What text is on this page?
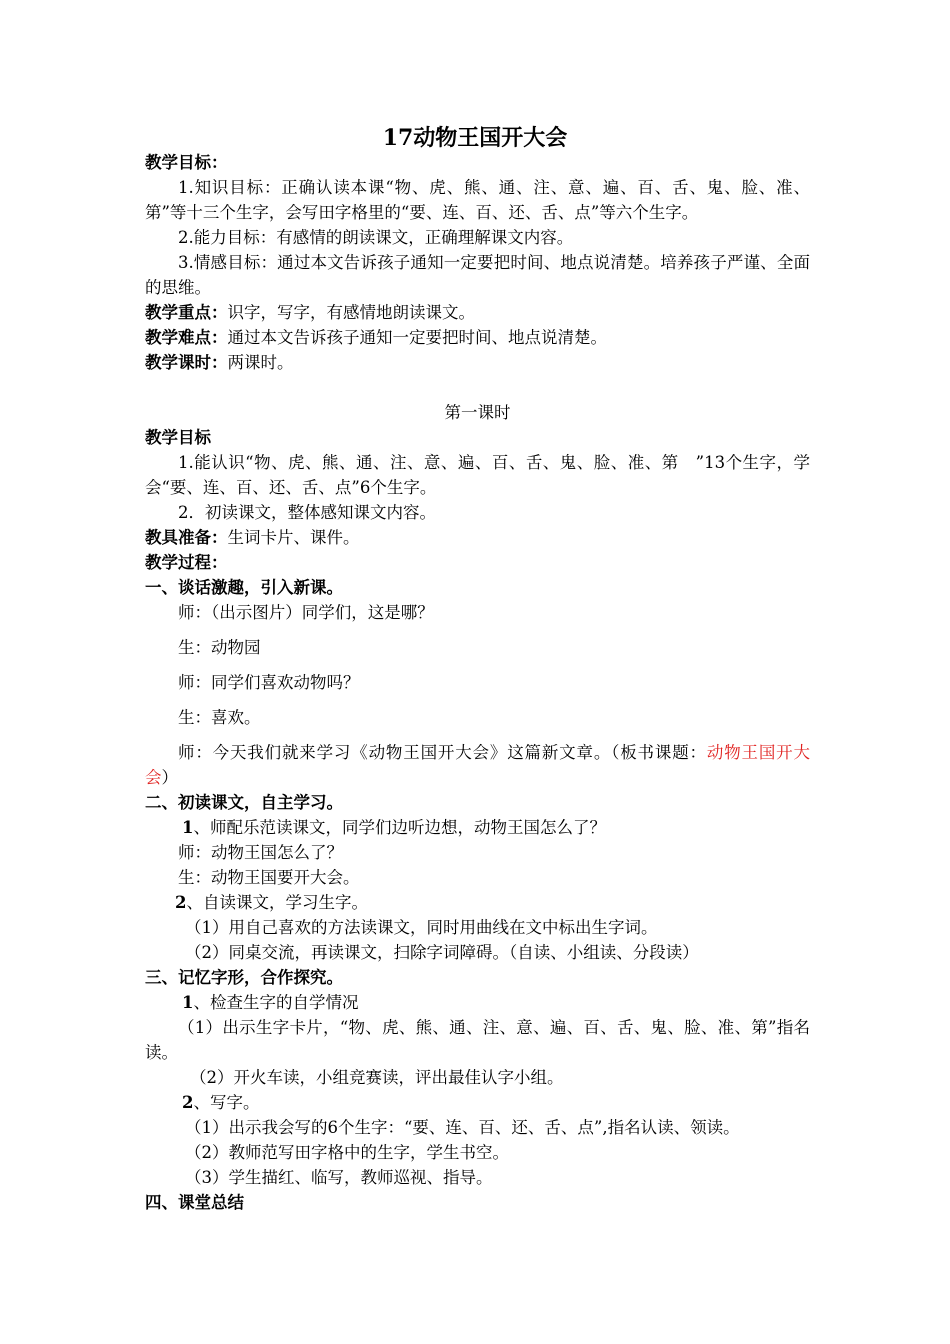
17动物王国开大会

教学目标：

1.知识目标：正确认读本课“物、虎、熊、通、注、意、遍、百、舌、鬼、脸、准、第”等十三个生字，会写田字格里的“要、连、百、还、舌、点”等六个生字。

2.能力目标：有感情的朗读课文，正确理解课文内容。

3.情感目标：通过本文告诉孩子通知一定要把时间、地点说清楚。培养孩子严谨、全面的思维。

教学重点：识字，写字，有感情地朗读课文。

教学难点：通过本文告诉孩子通知一定要把时间、地点说清楚。

教学课时：两课时。

第一课时

教学目标

1.能认识“物、虎、熊、通、注、意、遍、百、舌、鬼、脸、准、第　”13个生字，学会“要、连、百、还、舌、点”6个生字。

2．初读课文，整体感知课文内容。

教具准备：生词卡片、课件。

教学过程：

一、谈话激趣，引入新课。

师：（出示图片）同学们，这是哪？

生：动物园

师：同学们喜欢动物吗？

生：喜欢。

师：今天我们就来学习《动物王国开大会》这篇新文章。（板书课题：动物王国开大会）

二、初读课文，自主学习。

1、师配乐范读课文，同学们边听边想，动物王国怎么了？

师：动物王国怎么了？

生：动物王国要开大会。

2、自读课文，学习生字。

（1）用自己喜欢的方法读课文，同时用曲线在文中标出生字词。

（2）同桌交流，再读课文，扫除字词障碍。（自读、小组读、分段读）

三、记忆字形，合作探究。

1、检查生字的自学情况

（1）出示生字卡片，“物、虎、熊、通、注、意、遍、百、舌、鬼、脸、准、第”指名读。

（2）开火车读，小组竞赛读，评出最佳认字小组。

2、写字。

（1）出示我会写的6个生字：“要、连、百、还、舌、点”,指名认读、领读。

（2）教师范写田字格中的生字，学生书空。

（3）学生描红、临写，教师巡视、指导。

四、课堂总结
